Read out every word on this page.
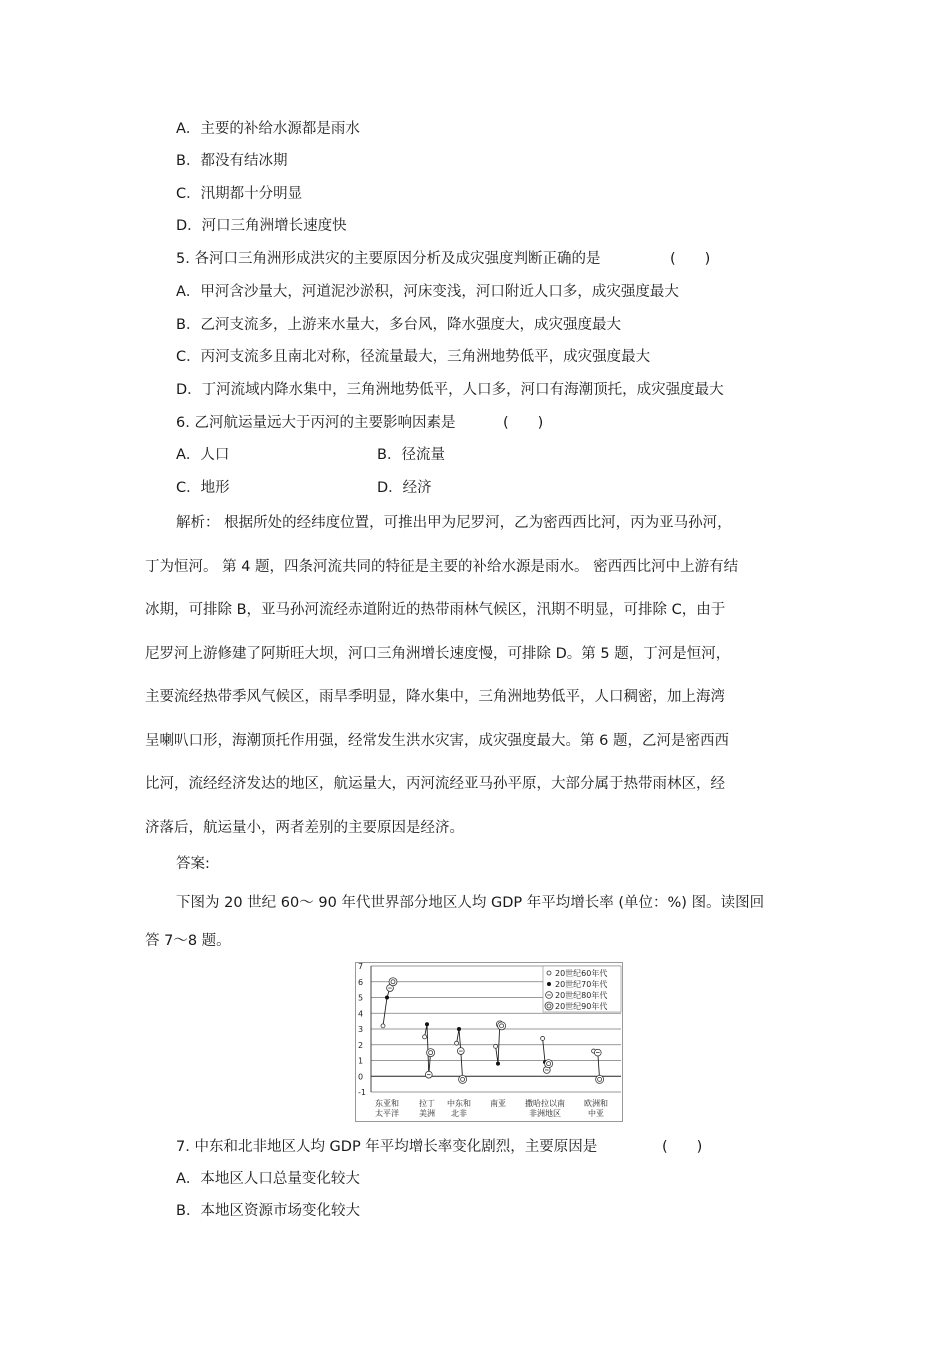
A．主要的补给水源都是雨水
B．都没有结冰期
C．汛期都十分明显
D．河口三角洲增长速度快
5. 各河口三角洲形成洪灾的主要原因分析及成灾强度判断正确的是	(　　)
A．甲河含沙量大，河道泥沙淤积，河床变浅，河口附近人口多，成灾强度最大
B．乙河支流多，上游来水量大，多台风，降水强度大，成灾强度最大
C．丙河支流多且南北对称，径流量最大，三角洲地势低平，成灾强度最大
D．丁河流域内降水集中，三角洲地势低平，人口多，河口有海潮顶托，成灾强度最大
6. 乙河航运量远大于丙河的主要影响因素是	(　　)
A．人口	B．径流量
C．地形	D．经济
解析： 根据所处的经纬度位置，可推出甲为尼罗河，乙为密西西比河，丙为亚马孙河，
丁为恒河。 第 4 题，四条河流共同的特征是主要的补给水源是雨水。 密西西比河中上游有结
冰期，可排除 B，亚马孙河流经赤道附近的热带雨林气候区，汛期不明显，可排除 C，由于
尼罗河上游修建了阿斯旺大坝，河口三角洲增长速度慢，可排除 D。第 5 题，丁河是恒河，
主要流经热带季风气候区，雨旱季明显，降水集中，三角洲地势低平，人口稠密，加上海湾
呈喇叭口形，海潮顶托作用强，经常发生洪水灾害，成灾强度最大。第 6 题，乙河是密西西
比河，流经经济发达的地区，航运量大，丙河流经亚马孙平原，大部分属于热带雨林区，经
济落后，航运量小，两者差别的主要原因是经济。
答案:
下图为 20 世纪 60～ 90 年代世界部分地区人均 GDP 年平均增长率 (单位：%) 图。读图回
答 7～8 题。
7
6
5
4
3
2
1
0
-1
20世纪60年代
20世纪70年代
20世纪80年代
20世纪90年代
东亚和
太平洋
拉丁
美洲
中东和
北非
南亚 撒哈拉以南
非洲地区
欧洲和
中亚
7. 中东和北非地区人均 GDP 年平均增长率变化剧烈，主要原因是	(　　)
A．本地区人口总量变化较大
B．本地区资源市场变化较大
